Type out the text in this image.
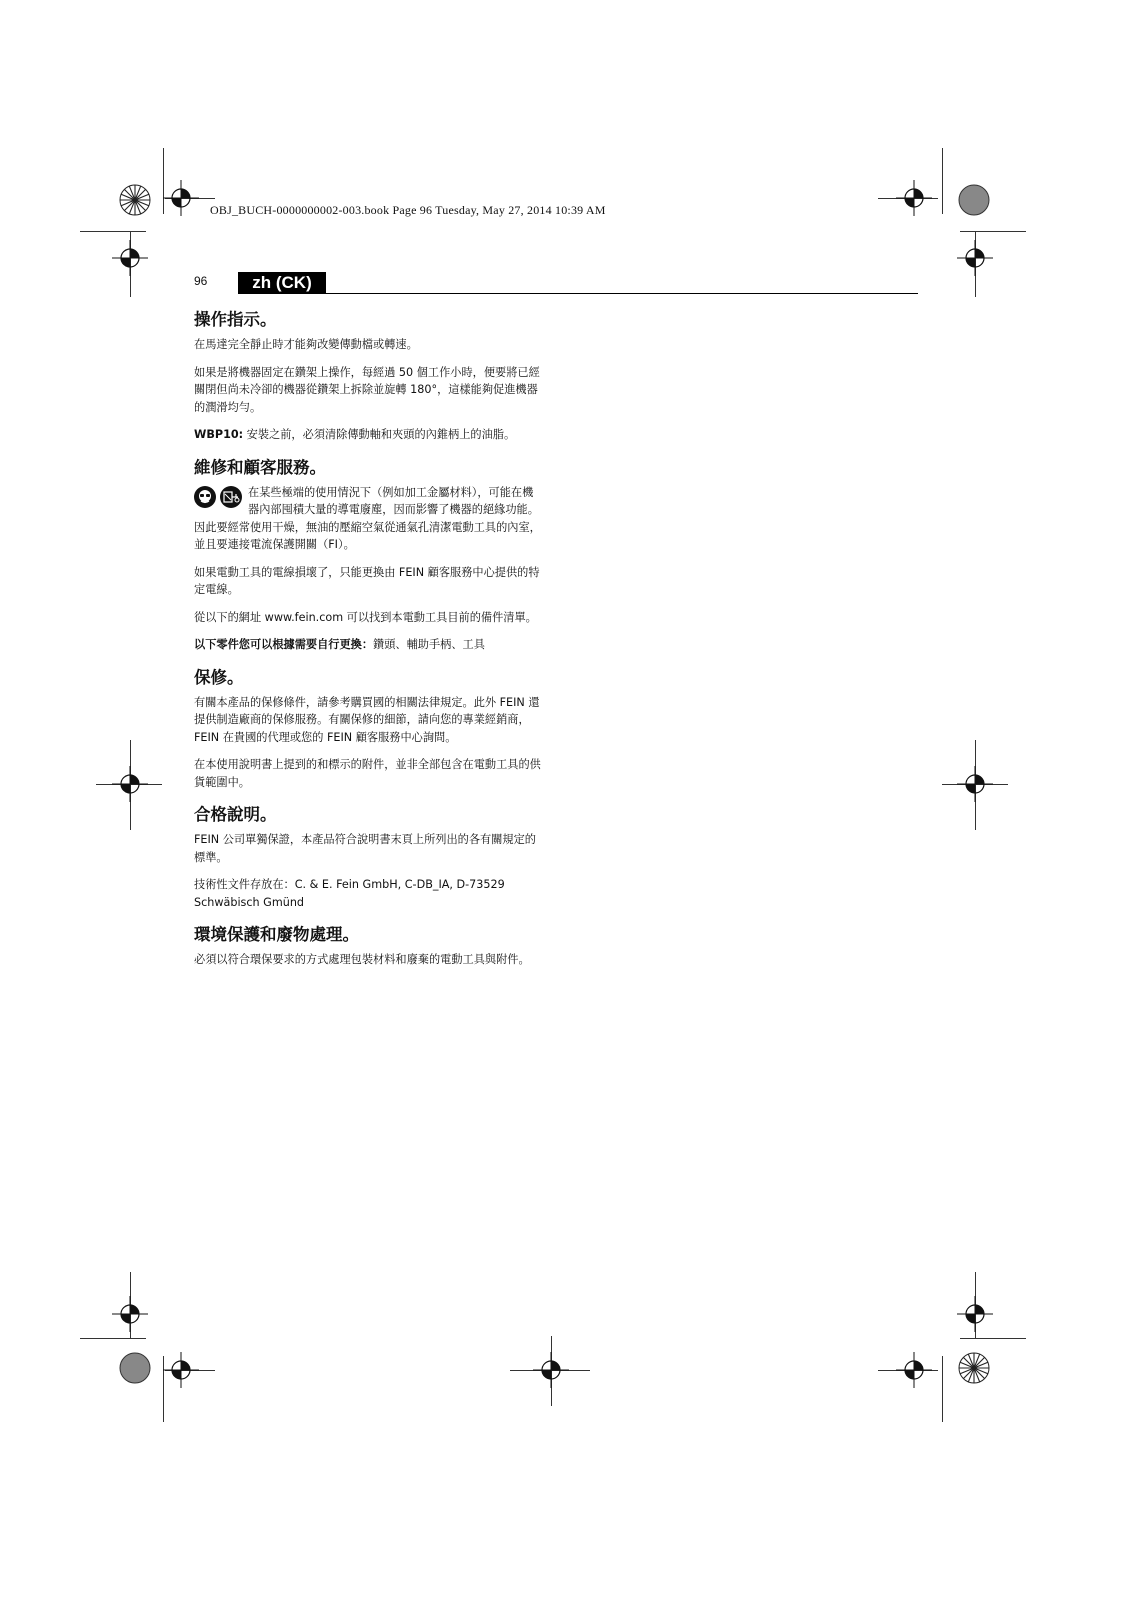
OBJ_BUCH-0000000002-003.book Page 96 Tuesday, May 27, 2014 10:39 AM
96	zh (CK)
操作指示。

在馬達完全靜止時才能夠改變傳動檔或轉速。

如果是將機器固定在鑽架上操作，每經過 50 個工作小時，便要將已經關閉但尚未冷卻的機器從鑽架上拆除並旋轉 180°，這樣能夠促進機器的潤滑均勻。

WBP10: 安裝之前，必須清除傳動軸和夾頭的內錐柄上的油脂。

維修和顧客服務。

在某些極端的使用情況下（例如加工金屬材料），可能在機器內部囤積大量的導電廢塵，因而影響了機器的絕緣功能。因此要經常使用干燥，無油的壓縮空氣從通氣孔清潔電動工具的內室，並且要連接電流保護開關（FI）。

如果電動工具的電線損壞了，只能更換由 FEIN 顧客服務中心提供的特定電線。

從以下的網址 www.fein.com 可以找到本電動工具目前的備件清單。

以下零件您可以根據需要自行更換：鑽頭、輔助手柄、工具

保修。

有關本產品的保修條件，請參考購買國的相關法律規定。此外 FEIN 還提供制造廠商的保修服務。有關保修的細節，請向您的專業經銷商，FEIN 在貴國的代理或您的 FEIN 顧客服務中心詢問。

在本使用說明書上提到的和標示的附件，並非全部包含在電動工具的供貨範圍中。

合格說明。

FEIN 公司單獨保證，本產品符合說明書末頁上所列出的各有關規定的標準。

技術性文件存放在：C. & E. Fein GmbH, C-DB_IA, D-73529 Schwäbisch Gmünd

環境保護和廢物處理。

必須以符合環保要求的方式處理包裝材料和廢棄的電動工具與附件。
